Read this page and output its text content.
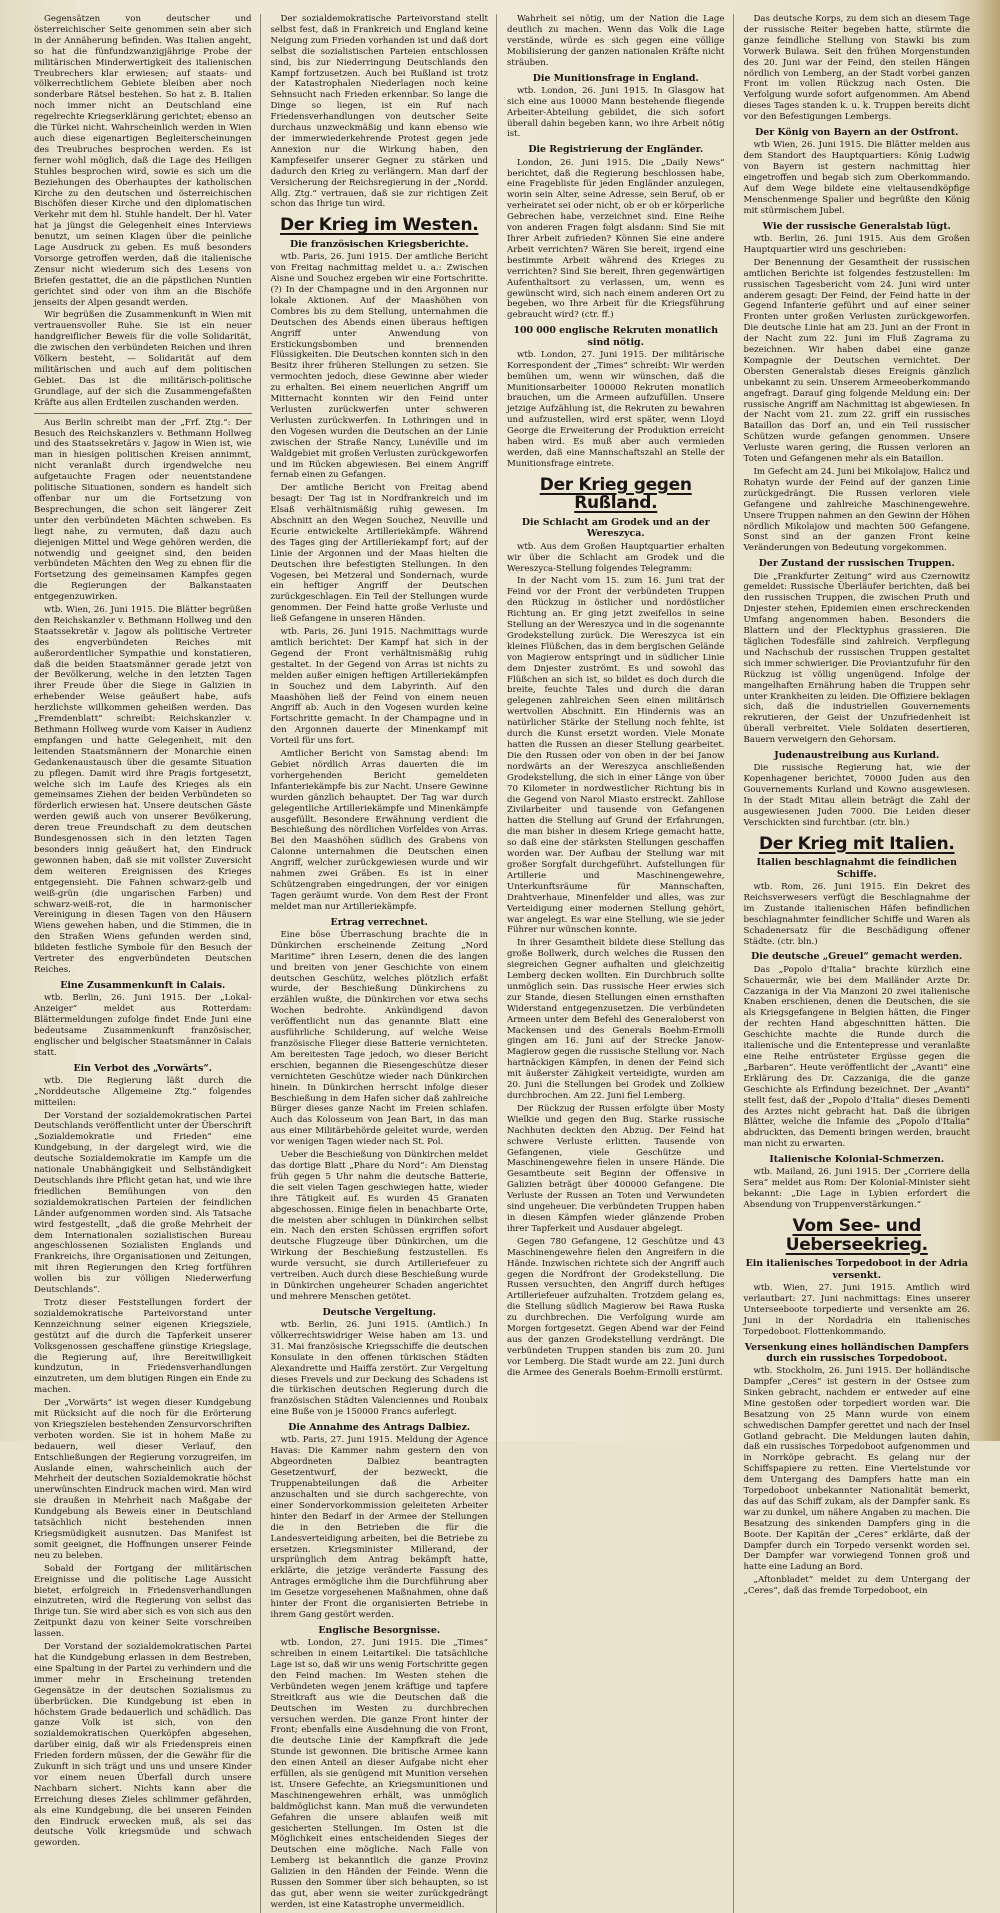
Gegensätzen von deutscher und österreichischer Seite genommen sein aber sich in der Annäherung befinden. Was Italien angeht, so hat die fünfundzwanzigjährige Probe der militärischen Minderwertigkeit des italienischen Treubrechers klar erwiesen; auf staats- und völkerrechtlichem Gebiete bleiben aber noch sonderbare Rätsel bestehen. So hat z. B. Italien noch immer nicht an Deutschland eine regelrechte Kriegserklärung gerichtet; ebenso an die Türkei nicht. Wahrscheinlich werden in Wien auch diese eigenartigen Begleiterscheinungen des Treubruches besprochen werden. Es ist ferner wohl möglich, daß die Lage des Heiligen Stuhles besprochen wird, sowie es sich um die Beziehungen des Oberhauptes der katholischen Kirche zu den deutschen und österreichischen Bischöfen dieser Kirche und den diplomatischen Verkehr mit dem hl. Stuhle handelt. Der hl. Vater hat ja jüngst die Gelegenheit eines Interviews benutzt, um seinen Klagen über die peinliche Lage Ausdruck zu geben. Es muß besonders Vorsorge getroffen werden, daß die italienische Zensur nicht wiederum sich des Lesens von Briefen gestattet, die an die päpstlichen Nuntien gerichtet sind oder von ihm an die Bischöfe jenseits der Alpen gesandt werden.

Wir begrüßen die Zusammenkunft in Wien mit vertrauensvoller Ruhe. Sie ist ein neuer handgreiflicher Beweis für die volle Solidarität, die zwischen den verbündeten Reichen und ihren Völkern besteht, — Solidarität auf dem militärischen und auch auf dem politischen Gebiet. Das ist die militärisch-politische Grundlage, auf der sich die Zusammengefaßten Kräfte aus allen Erdteilen zuschanden werden.

Aus Berlin schreibt man der „Frf. Ztg.“: Der Besuch des Reichskanzlers v. Bethmann Hollweg und des Staatssekretärs v. Jagow in Wien ist, wie man in hiesigen politischen Kreisen annimmt, nicht veranlaßt durch irgendwelche neu aufgetauchte Fragen oder neuentstandene politische Situationen, sondern es handelt sich offenbar nur um die Fortsetzung von Besprechungen, die schon seit längerer Zeit unter den verbündeten Mächten schweben. Es liegt nahe, zu vermuten, daß dazu auch diejenigen Mittel und Wege gehören werden, die notwendig und geeignet sind, den beiden verbündeten Mächten den Weg zu ebnen für die Fortsetzung des gemeinsamen Kampfes gegen die Regierungen der Balkanstaaten entgegenzuwirken.

wtb. Wien, 26. Juni 1915. Die Blätter begrüßen den Reichskanzler v. Bethmann Hollweg und den Staatssekretär v. Jagow als politische Vertreter des engverbündeten Reiches mit außerordentlicher Sympathie und konstatieren, daß die beiden Staatsmänner gerade jetzt von der Bevölkerung, welche in den letzten Tagen ihrer Freude über die Siege in Galizien in erhebender Weise geäußert habe, aufs herzlichste willkommen geheißen werden. Das „Fremdenblatt“ schreibt: Reichskanzler v. Bethmann Hollweg wurde vom Kaiser in Audienz empfangen und hatte Gelegenheit, mit den leitenden Staatsmännern der Monarchie einen Gedankenaustausch über die gesamte Situation zu pflegen. Damit wird ihre Pragis fortgesetzt, welche sich im Laufe des Krieges als ein gemeinsames Ziehen der beiden Verbündeten so förderlich erwiesen hat. Unsere deutschen Gäste werden gewiß auch von unserer Bevölkerung, deren treue Freundschaft zu dem deutschen Bundesgenossen sich in den letzten Tagen besonders innig geäußert hat, den Eindruck gewonnen haben, daß sie mit vollster Zuversicht dem weiteren Ereignissen des Krieges entgegensieht. Die Fahnen schwarz-gelb und weiß-grün (die ungarischen Farben) und schwarz-weiß-rot, die in harmonischer Vereinigung in diesen Tagen von den Häusern Wiens gewehen haben, und die Stimmen, die in den Straßen Wiens gefunden werden sind, bildeten festliche Symbole für den Besuch der Vertreter des engverbündeten Deutschen Reiches.

Eine Zusammenkunft in Calais.

wtb. Berlin, 26. Juni 1915. Der „Lokal-Anzeiger“ meldet aus Rotterdam: Blättermeldungen zufolge findet Ende Juni eine bedeutsame Zusammenkunft französischer, englischer und belgischer Staatsmänner in Calais statt.

Ein Verbot des „Vorwärts“.

wtb. Die Regierung läßt durch die „Norddeutsche Allgemeine Ztg.“ folgendes mitteilen:

Der Vorstand der sozialdemokratischen Partei Deutschlands veröffentlicht unter der Überschrift „Sozialdemokratie und Frieden“ eine Kundgebung, in der dargelegt wird, wie die deutsche Sozialdemokratie im Kampfe um die nationale Unabhängigkeit und Selbständigkeit Deutschlands ihre Pflicht getan hat, und wie ihre friedlichen Bemühungen von den sozialdemokratischen Parteien der feindlichen Länder aufgenommen worden sind. Als Tatsache wird festgestellt, „daß die große Mehrheit der dem Internationalen sozialistischen Bureau angeschlossenen Sozialisten Englands und Frankreichs, ihre Organisationen und Zeitungen, mit ihren Regierungen den Krieg fortführen wollen bis zur völligen Niederwerfung Deutschlands“.

Trotz dieser Feststellungen fordert der sozialdemokratische Parteivorstand unter Kennzeichnung seiner eigenen Kriegsziele, gestützt auf die durch die Tapferkeit unserer Volksgenossen geschaffene günstige Kriegslage, die Regierung auf, ihre Bereitwilligkeit kundzutun, in Friedensverhandlungen einzutreten, um dem blutigen Ringen ein Ende zu machen.

Der „Vorwärts“ ist wegen dieser Kundgebung mit Rücksicht auf die noch für die Erörterung von Kriegszielen bestehenden Zensurvorschriften verboten worden. Sie ist in hohem Maße zu bedauern, weil dieser Verlauf, den Entschließungen der Regierung vorzugreifen, im Auslande einen, wahrscheinlich auch der Mehrheit der deutschen Sozialdemokratie höchst unerwünschten Eindruck machen wird. Man wird sie draußen in Mehrheit nach Maßgabe der Kundgebung als Beweis einer in Deutschland tatsächlich nicht bestehenden innen Kriegsmüdigkeit ausnutzen. Das Manifest ist somit geeignet, die Hoffnungen unserer Feinde neu zu beleben.

Sobald der Fortgang der militärischen Ereignisse und die politische Lage Aussicht bietet, erfolgreich in Friedensverhandlungen einzutreten, wird die Regierung von selbst das Ihrige tun. Sie wird aber sich es von sich aus den Zeitpunkt dazu von keiner Seite vorschreiben lassen.

Der Vorstand der sozialdemokratischen Partei hat die Kundgebung erlassen in dem Bestreben, eine Spaltung in der Partei zu verhindern und die immer mehr in Erscheinung tretenden Gegensätze in der deutschen Sozialismus zu überbrücken. Die Kundgebung ist eben in höchstem Grade bedauerlich und schädlich. Das ganze Volk ist sich, von den sozialdemokratischen Querköpfen abgesehen, darüber einig, daß wir als Friedenspreis einen Frieden fordern müssen, der die Gewähr für die Zukunft in sich trägt und uns und unsere Kinder vor einem neuen Überfall durch unsere Nachbarn sichert. Nichts kann aber die Erreichung dieses Zieles schlimmer gefährden, als eine Kundgebung, die bei unseren Feinden den Eindruck erwecken muß, als sei das deutsche Volk kriegsmüde und schwach geworden.

Der sozialdemokratische Parteivorstand stellt selbst fest, daß in Frankreich und England keine Neigung zum Frieden vorhanden ist und daß dort selbst die sozialistischen Parteien entschlossen sind, bis zur Niederringung Deutschlands den Kampf fortzusetzen. Auch bei Rußland ist trotz der Katastrophalen Niederlagen noch keine Sehnsucht nach Frieden erkennbar. So lange die Dinge so liegen, ist ein Ruf nach Friedensverhandlungen von deutscher Seite durchaus unzweckmäßig und kann ebenso wie der immerwiederkehrende Protest gegen jede Annexion nur die Wirkung haben, den Kampfeseifer unserer Gegner zu stärken und dadurch den Krieg zu verlängern. Man darf der Versicherung der Reichsregierung in der „Nordd. Allg. Ztg.“ vertrauen, daß sie zur richtigen Zeit schon das Ihrige tun wird.

Der Krieg im Westen.
Die französischen Kriegsberichte.

wtb. Paris, 26. Juni 1915. Der amtliche Bericht von Freitag nachmittag meldet u. a.: Zwischen Aisne und Souchez ergeben wir eine Fortschritte. (?) In der Champagne und in den Argonnen nur lokale Aktionen. Auf der Maashöhen von Combres bis zu dem Stellung, unternahmen die Deutschen des Abends einen überaus heftigen Angriff unter Anwendung von Erstickungsbomben und brennenden Flüssigkeiten. Die Deutschen konnten sich in den Besitz ihrer früheren Stellungen zu setzen. Sie vermochten jedoch, diese Gewinne aber wieder zu erhalten. Bei einem neuerlichen Angriff um Mitternacht konnten wir den Feind unter Verlusten zurückwerfen unter schweren Verlusten zurückwerfen. In Lothringen und in den Vogesen wurden die Deutschen an der Linie zwischen der Straße Nancy, Lunéville und im Waldgebiet mit großen Verlusten zurückgeworfen und im Rücken abgewiesen. Bei einem Angriff fernab einen zu Gefangen.

Der amtliche Bericht von Freitag abend besagt: Der Tag ist in Nordfrankreich und im Elsaß verhältnismäßig ruhig gewesen. Im Abschnitt an den Wegen Souchez, Neuville und Ecurie entwickelte Artilleriekämpfe. Während des Tages ging der Artilleriekampf fort; auf der Linie der Argonnen und der Maas hielten die Deutschen ihre befestigten Stellungen. In den Vogesen, bei Metzeral und Sondernach, wurde ein heftiger Angriff der Deutschen zurückgeschlagen. Ein Teil der Stellungen wurde genommen. Der Feind hatte große Verluste und ließ Gefangene in unseren Händen.

wtb. Paris, 26. Juni 1915. Nachmittags wurde amtlich berichtet: Der Kampf hat sich in der Gegend der Front verhältnismäßig ruhig gestaltet. In der Gegend von Arras ist nichts zu melden außer einigen heftigen Artilleriekämpfen in Souchez und dem Labyrinth. Auf den Maashöhen ließ der Feind von einem neuen Angriff ab. Auch in den Vogesen wurden keine Fortschritte gemacht. In der Champagne und in den Argonnen dauerte der Minenkampf mit Vorteil für uns fort.

Amtlicher Bericht von Samstag abend: Im Gebiet nördlich Arras dauerten die im vorhergehenden Bericht gemeldeten Infanteriekämpfe bis zur Nacht. Unsere Gewinne wurden gänzlich behauptet. Der Tag war durch gelegentliche Artilleriekämpfe und Minenkämpfe ausgefüllt. Besondere Erwähnung verdient die Beschießung des nördlichen Vorfeldes von Arras. Bei den Maashöhen südlich des Grabens von Calonne unternahmen die Deutschen einen Angriff, welcher zurückgewiesen wurde und wir nahmen zwei Gräben. Es ist in einer Schützengraben eingedrungen, der vor einigen Tagen geräumt wurde. Von dem Rest der Front meldet man nur Artilleriekämpfe.

Ertrag verrechnet.

Eine böse Überraschung brachte die in Dünkirchen erscheinende Zeitung „Nord Maritime“ ihren Lesern, denen die des langen und breiten von jener Geschichte von einem deutschen Geschütz, welches plötzlich erfaßt wurde, der Beschießung Dünkirchens zu erzählen wußte, die Dünkirchen vor etwa sechs Wochen bedrohte. Ankündigend davon veröffentlicht nun das genannte Blatt eine ausführliche Schilderung, auf welche Weise französische Flieger diese Batterie vernichteten. Am bereitesten Tage jedoch, wo dieser Bericht erschien, begannen die Riesengeschütze dieser vernichteten Geschütze wieder nach Dünkirchen hinein. In Dünkirchen herrscht infolge dieser Beschießung in dem Hafen sicher daß zahlreiche Bürger dieses ganze Nacht im Freien schlafen. Auch das Kolosseum von Jean Bart, in das man aus einer Militärbehörde geleitet wurde, werden vor wenigen Tagen wieder nach St. Pol.

Ueber die Beschießung von Dünkirchen meldet das dortige Blatt „Phare du Nord“: Am Dienstag früh gegen 5 Uhr nahm die deutsche Batterie, die seit vielen Tagen geschwiegen hatte, wieder ihre Tätigkeit auf. Es wurden 45 Granaten abgeschossen. Einige fielen in benachbarte Orte, die meisten aber schlugen in Dünkirchen selbst ein. Nach den ersten Schüssen ergriffen sofort deutsche Flugzeuge über Dünkirchen, um die Wirkung der Beschießung festzustellen. Es wurde versucht, sie durch Artilleriefeuer zu vertreiben. Auch durch diese Beschießung wurde in Dünkirchen ungeheurer Schaden angerichtet und mehrere Menschen getötet.

Deutsche Vergeltung.

wtb. Berlin, 26. Juni 1915. (Amtlich.) In völkerrechtswidriger Weise haben am 13. und 31. Mai französische Kriegsschiffe die deutschen Konsulate in den offenen türkischen Städten Alexandrette und Haiffa zerstört. Zur Vergeltung dieses Frevels und zur Deckung des Schadens ist die türkischen deutschen Regierung durch die französischen Städten Valenciennes und Roubaix eine Buße von je 150000 Francs auferlegt.

Die Annahme des Antrags Dalbiez.

wtb. Paris, 27. Juni 1915. Meldung der Agence Havas: Die Kammer nahm gestern den von Abgeordneten Dalbiez beantragten Gesetzentwurf, der bezweckt, die Truppenabteilungen daß die Arbeiter anzuschalten und sie durch sachgerechte, von einer Sondervorkommission geleiteten Arbeiter hinter den Bedarf in der Armee der Stellungen die in den Betrieben die für die Landesverteidigung arbeiten, bei die Betriebe zu ersetzen. Kriegsminister Millerand, der ursprünglich dem Antrag bekämpft hatte, erklärte, die jetzige veränderte Fassung des Antrages ermögliche ihm die Durchführung aber im Gesetze vorgesehenen Maßnahmen, ohne daß hinter der Front die organisierten Betriebe in ihrem Gang gestört werden.

Englische Besorgnisse.

wtb. London, 27. Juni 1915. Die „Times“ schreiben in einem Leitartikel: Die tatsächliche Lage ist so, daß wir uns wenig Fortschritte gegen den Feind machen. Im Westen stehen die Verbündeten wegen jenem kräftige und tapfere Streitkraft aus wie die Deutschen daß die Deutschen im Westen zu durchbrechen versuchen werden. Die ganze Front hinter der Front; ebenfalls eine Ausdehnung die von Front, die deutsche Linie der Kampfkraft die jede Stunde ist gewonnen. Die britische Armee kann den einen Anteil an dieser Aufgabe nicht eher erfüllen, als sie genügend mit Munition versehen ist. Unsere Gefechte, an Kriegsmunitionen und Maschinengewehren erhält, was unmöglich baldmöglichst kann. Man muß die verwundeten Gefahren die unsere ablaufen weiß mit gesicherten Stellungen. Im Osten ist die Möglichkeit eines entscheidenden Sieges der Deutschen eine mögliche. Nach Falle von Lemberg ist bekanntlich die ganze Provinz Galizien in den Händen der Feinde. Wenn die Russen den Sommer über sich behaupten, so ist das gut, aber wenn sie weiter zurückgedrängt werden, ist eine Katastrophe unvermeidlich.

Wahrheit sei nötig, um der Nation die Lage deutlich zu machen. Wenn das Volk die Lage verstände, würde es sich gegen eine völlige Mobilisierung der ganzen nationalen Kräfte nicht sträuben.

Die Munitionsfrage in England.

wtb. London, 26. Juni 1915. In Glasgow hat sich eine aus 10000 Mann bestehende fliegende Arbeiter-Abteilung gebildet, die sich sofort überall dahin begeben kann, wo ihre Arbeit nötig ist.

Die Registrierung der Engländer.

London, 26. Juni 1915. Die „Daily News“ berichtet, daß die Regierung beschlossen habe, eine Fragebliste für jeden Engländer anzulegen, worin sein Alter, seine Adresse, sein Beruf, ob er verheiratet sei oder nicht, ob er ob er körperliche Gebrechen habe, verzeichnet sind. Eine Reihe von anderen Fragen folgt alsdann: Sind Sie mit Ihrer Arbeit zufrieden? Können Sie eine andere Arbeit verrichten? Wären Sie bereit, irgend eine bestimmte Arbeit während des Krieges zu verrichten? Sind Sie bereit, Ihren gegenwärtigen Aufenthaltsort zu verlassen, um, wenn es gewünscht wird, sich nach einem anderen Ort zu begeben, wo Ihre Arbeit für die Kriegsführung gebraucht wird? (ctr. ff.)

100 000 englische Rekruten monatlich sind nötig.

wtb. London, 27. Juni 1915. Der militärische Korrespondent der „Times“ schreibt: Wir werden bemühen um, wenn wir wünschen, daß die Munitionsarbeiter 100000 Rekruten monatlich brauchen, um die Armeen aufzufüllen. Unsere jetzige Aufzählung ist, die Rekruten zu bewahren und aufzustellen, wird erst später, wenn Lloyd George die Erweiterung der Produktion erreicht haben wird. Es muß aber auch vermieden werden, daß eine Mannschaftszahl an Stelle der Munitionsfrage eintrete.

Der Krieg gegen Rußland.
Die Schlacht am Grodek und an der Wereszyca.

wtb. Aus dem Großen Hauptquartier erhalten wir über die Schlacht am Grodek und die Wereszyca-Stellung folgendes Telegramm:

In der Nacht vom 15. zum 16. Juni trat der Feind vor der Front der verbündeten Truppen den Rückzug in östlicher und nordöstlicher Richtung an. Er ging jetzt zweifellos in seine Stellung an der Wereszyca und in die sogenannte Grodekstellung zurück. Die Wereszyca ist ein kleines Flüßchen, das in dem bergischen Gelände von Magierow entspringt und in südlicher Linie dem Dnjester zuströmt. Es und sowohl das Flüßchen an sich ist, so bildet es doch durch die breite, feuchte Tales und durch die daran gelegenen zahlreichen Seen einen militärisch wertvollen Abschnitt. Ein Hindernis was an natürlicher Stärke der Stellung noch fehlte, ist durch die Kunst ersetzt worden. Viele Monate hatten die Russen an dieser Stellung gearbeitet. Die den Russen oder von oben in der bei Janow nordwärts an der Wereszyca anschließenden Grodekstellung, die sich in einer Länge von über 70 Kilometer in nordwestlicher Richtung bis in die Gegend von Narol Miasto erstreckt. Zahllose Zivilarbeiter und tausende von Gefangenen hatten die Stellung auf Grund der Erfahrungen, die man bisher in diesem Kriege gemacht hatte, so daß eine der stärksten Stellungen geschaffen worden war. Der Aufbau der Stellung war mit großer Sorgfalt durchgeführt. Aufstellungen für Artillerie und Maschinengewehre, Unterkunftsräume für Mannschaften, Drahtverhaue, Minenfelder und alles, was zur Verteidigung einer modernen Stellung gehört, war angelegt. Es war eine Stellung, wie sie jeder Führer nur wünschen konnte.

In ihrer Gesamtheit bildete diese Stellung das große Bollwerk, durch welches die Russen den siegreichen Gegner aufhalten und gleichzeitig Lemberg decken wollten. Ein Durchbruch sollte unmöglich sein. Das russische Heer erwies sich zur Stande, diesen Stellungen einen ernsthaften Widerstand entgegenzusetzen. Die verbündeten Armeen unter dem Befehl des Generaloberst von Mackensen und des Generals Boehm-Ermolli gingen am 16. Juni auf der Strecke Janow-Magierow gegen die russische Stellung vor. Nach hartnäckigen Kämpfen, in denen der Feind sich mit äußerster Zähigkeit verteidigte, wurden am 20. Juni die Stellungen bei Grodek und Zolkiew durchbrochen. Am 22. Juni fiel Lemberg.

Der Rückzug der Russen erfolgte über Mosty Wielkie und gegen den Bug. Starke russische Nachhuten deckten den Abzug. Der Feind hat schwere Verluste erlitten. Tausende von Gefangenen, viele Geschütze und Maschinengewehre fielen in unsere Hände. Die Gesamtbeute seit Beginn der Offensive in Galizien beträgt über 400000 Gefangene. Die Verluste der Russen an Toten und Verwundeten sind ungeheuer. Die verbündeten Truppen haben in diesen Kämpfen wieder glänzende Proben ihrer Tapferkeit und Ausdauer abgelegt.

Gegen 780 Gefangene, 12 Geschütze und 43 Maschinengewehre fielen den Angreifern in die Hände. Inzwischen richtete sich der Angriff auch gegen die Nordfront der Grodekstellung. Die Russen versuchten, den Angriff durch heftiges Artilleriefeuer aufzuhalten. Trotzdem gelang es, die Stellung südlich Magierow bei Rawa Ruska zu durchbrechen. Die Verfolgung wurde am Morgen fortgesetzt. Gegen Abend war der Feind aus der ganzen Grodekstellung verdrängt. Die verbündeten Truppen standen bis zum 20. Juni vor Lemberg. Die Stadt wurde am 22. Juni durch die Armee des Generals Boehm-Ermolli erstürmt.

Das deutsche Korps, zu dem sich an diesem Tage der russische Reiter begeben hatte, stürmte die ganze feindliche Stellung von Stawki bis zum Vorwerk Bulawa. Seit den frühen Morgenstunden des 20. Juni war der Feind, den steilen Hängen nördlich von Lemberg, an der Stadt vorbei ganzen Front im vollen Rückzug nach Osten. Die Verfolgung wurde sofort aufgenommen. Am Abend dieses Tages standen k. u. k. Truppen bereits dicht vor den Befestigungen Lembergs.

Der König von Bayern an der Ostfront.

wtb Wien, 26. Juni 1915. Die Blätter melden aus dem Standort des Hauptquartiers: König Ludwig von Bayern ist gestern nachmittag hier eingetroffen und begab sich zum Oberkommando. Auf dem Wege bildete eine vieltausendköpfige Menschenmenge Spalier und begrüßte den König mit stürmischem Jubel.

Wie der russische Generalstab lügt.

wtb. Berlin, 26. Juni 1915. Aus dem Großen Hauptquartier wird uns geschrieben:

Der Benennung der Gesamtheit der russischen amtlichen Berichte ist folgendes festzustellen: Im russischen Tagesbericht vom 24. Juni wird unter anderem gesagt: Der Feind, der Feind hatte in der Gegend Infanterie geführt und auf einer seiner Fronten unter großen Verlusten zurückgeworfen. Die deutsche Linie hat am 23. Juni an der Front in der Nacht zum 22. Juni im Fluß Zagrama zu bezeichnen. Wir haben dabei eine ganze Kompagnie der Deutschen vernichtet. Der Obersten Generalstab dieses Ereignis gänzlich unbekannt zu sein. Unserem Armeeoberkommando angefragt. Darauf ging folgende Meldung ein: Der russische Angriff am Nachmittag ist abgewiesen. In der Nacht vom 21. zum 22. griff ein russisches Bataillon das Dorf an, und ein Teil russischer Schützen wurde gefangen genommen. Unsere Verluste waren gering, die Russen verloren an Toten und Gefangenen mehr als ein Bataillon.

Im Gefecht am 24. Juni bei Mikolajow, Halicz und Rohatyn wurde der Feind auf der ganzen Linie zurückgedrängt. Die Russen verloren viele Gefangene und zahlreiche Maschinengewehre. Unsere Truppen nahmen an den Gewinn der Höhen nördlich Mikolajow und machten 500 Gefangene. Sonst sind an der ganzen Front keine Veränderungen von Bedeutung vorgekommen.

Der Zustand der russischen Truppen.

Die „Frankfurter Zeitung“ wird aus Czernowitz gemeldet: Russische Überläufer berichten, daß bei den russischen Truppen, die zwischen Pruth und Dnjester stehen, Epidemien einen erschreckenden Umfang angenommen haben. Besonders die Blattern und der Flecktyphus grassieren. Die täglichen Todesfälle sind zahlreich. Verpflegung und Nachschub der russischen Truppen gestaltet sich immer schwieriger. Die Proviantzufuhr für den Rückzug ist völlig ungenügend. Infolge der mangelhaften Ernährung haben die Truppen sehr unter Krankheiten zu leiden. Die Offiziere beklagen sich, daß die industriellen Gouvernements rekrutieren, der Geist der Unzufriedenheit ist überall verbreitet. Viele Soldaten desertieren, Bauern verweigern den Gehorsam.

Judenaustreibung aus Kurland.

Die russische Regierung hat, wie der Kopenhagener berichtet, 70000 Juden aus den Gouvernements Kurland und Kowno ausgewiesen. In der Stadt Mitau allein beträgt die Zahl der ausgewiesenen Juden 7000. Die Leiden dieser Verschickten sind furchtbar. (ctr. bln.)

Der Krieg mit Italien.
Italien beschlagnahmt die feindlichen Schiffe.

wtb. Rom, 26. Juni 1915. Ein Dekret des Reichsverwesers verfügt die Beschlagnahme der im Zustande italienischen Häfen befindlichen beschlagnahmter feindlicher Schiffe und Waren als Schadenersatz für die Beschädigung offener Städte. (ctr. bln.)

Die deutsche „Greuel“ gemacht werden.

Das „Popolo d'Italia“ brachte kürzlich eine Schauermär, wie bei dem Mailänder Arzte Dr. Cazzaniga in der Via Manzoni 20 zwei italienische Knaben erschienen, denen die Deutschen, die sie als Kriegsgefangene in Belgien hätten, die Finger der rechten Hand abgeschnitten hätten. Die Geschichte machte die Runde durch die italienische und die Ententepresse und veranlaßte eine Reihe entrüsteter Ergüsse gegen die „Barbaren“. Heute veröffentlicht der „Avanti“ eine Erklärung des Dr. Cazzaniga, die die ganze Geschichte als Erfindung bezeichnet. Der „Avanti“ stellt fest, daß der „Popolo d'Italia“ dieses Dementi des Arztes nicht gebracht hat. Daß die übrigen Blätter, welche die Infamie des „Popolo d'Italia“ abdruckten, das Dementi bringen werden, braucht man nicht zu erwarten.

Italienische Kolonial-Schmerzen.

wtb. Mailand, 26. Juni 1915. Der „Corriere della Sera“ meldet aus Rom: Der Kolonial-Minister sieht bekannt: „Die Lage in Lybien erfordert die Absendung von Truppenverstärkungen.“

Vom See- und Ueberseekrieg.
Ein italienisches Torpedoboot in der Adria versenkt.

wtb. Wien, 27. Juni 1915. Amtlich wird verlautbart: 27. Juni nachmittags: Eines unserer Unterseeboote torpedierte und versenkte am 26. Juni in der Nordadria ein italienisches Torpedoboot. Flottenkommando.

Versenkung eines holländischen Dampfers durch ein russisches Torpedoboot.

wtb. Stockholm, 26. Juni 1915. Der holländische Dampfer „Ceres“ ist gestern in der Ostsee zum Sinken gebracht, nachdem er entweder auf eine Mine gestoßen oder torpediert worden war. Die Besatzung von 25 Mann wurde von einem schwedischen Dampfer gerettet und nach der Insel Gotland gebracht. Die Meldungen lauten dahin, daß ein russisches Torpedoboot aufgenommen und in Norrköpe gebracht. Es gelang nur der Schiffspapiere zu retten. Eine Viertelstunde vor dem Untergang des Dampfers hatte man ein Torpedoboot unbekannter Nationalität bemerkt, das auf das Schiff zukam, als der Dampfer sank. Es war zu dunkel, um nähere Angaben zu machen. Die Besatzung des sinkenden Dampfers ging in die Boote. Der Kapitän der „Ceres“ erklärte, daß der Dampfer durch ein Torpedo versenkt worden sei. Der Dampfer war vorwiegend Tonnen groß und hatte eine Ladung an Bord.

„Aftonbladet“ meldet zu dem Untergang der „Ceres“, daß das fremde Torpedoboot, ein
